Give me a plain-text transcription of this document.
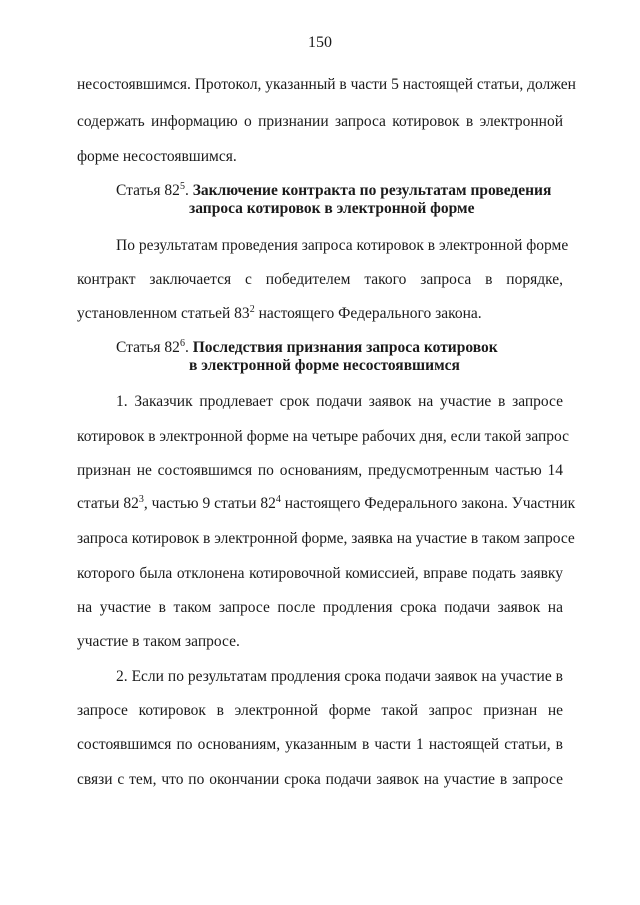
150
несостоявшимся. Протокол, указанный в части 5 настоящей статьи, должен
содержать информацию о признании запроса котировок в электронной
форме несостоявшимся.
Статья $82^5$. Заключение контракта по результатам проведения
запроса котировок в электронной форме
По результатам проведения запроса котировок в электронной форме
контракт заключается с победителем такого запроса в порядке,
установленном статьей $83^2$ настоящего Федерального закона.
Статья $82^6$. Последствия признания запроса котировок
в электронной форме несостоявшимся
1. Заказчик продлевает срок подачи заявок на участие в запросе
котировок в электронной форме на четыре рабочих дня, если такой запрос
признан не состоявшимся по основаниям, предусмотренным частью 14
статьи $82^3$, частью 9 статьи $82^4$ настоящего Федерального закона. Участник
запроса котировок в электронной форме, заявка на участие в таком запросе
которого была отклонена котировочной комиссией, вправе подать заявку
на участие в таком запросе после продления срока подачи заявок на
участие в таком запросе.
2. Если по результатам продления срока подачи заявок на участие в
запросе котировок в электронной форме такой запрос признан не
состоявшимся по основаниям, указанным в части 1 настоящей статьи, в
связи с тем, что по окончании срока подачи заявок на участие в запросе
